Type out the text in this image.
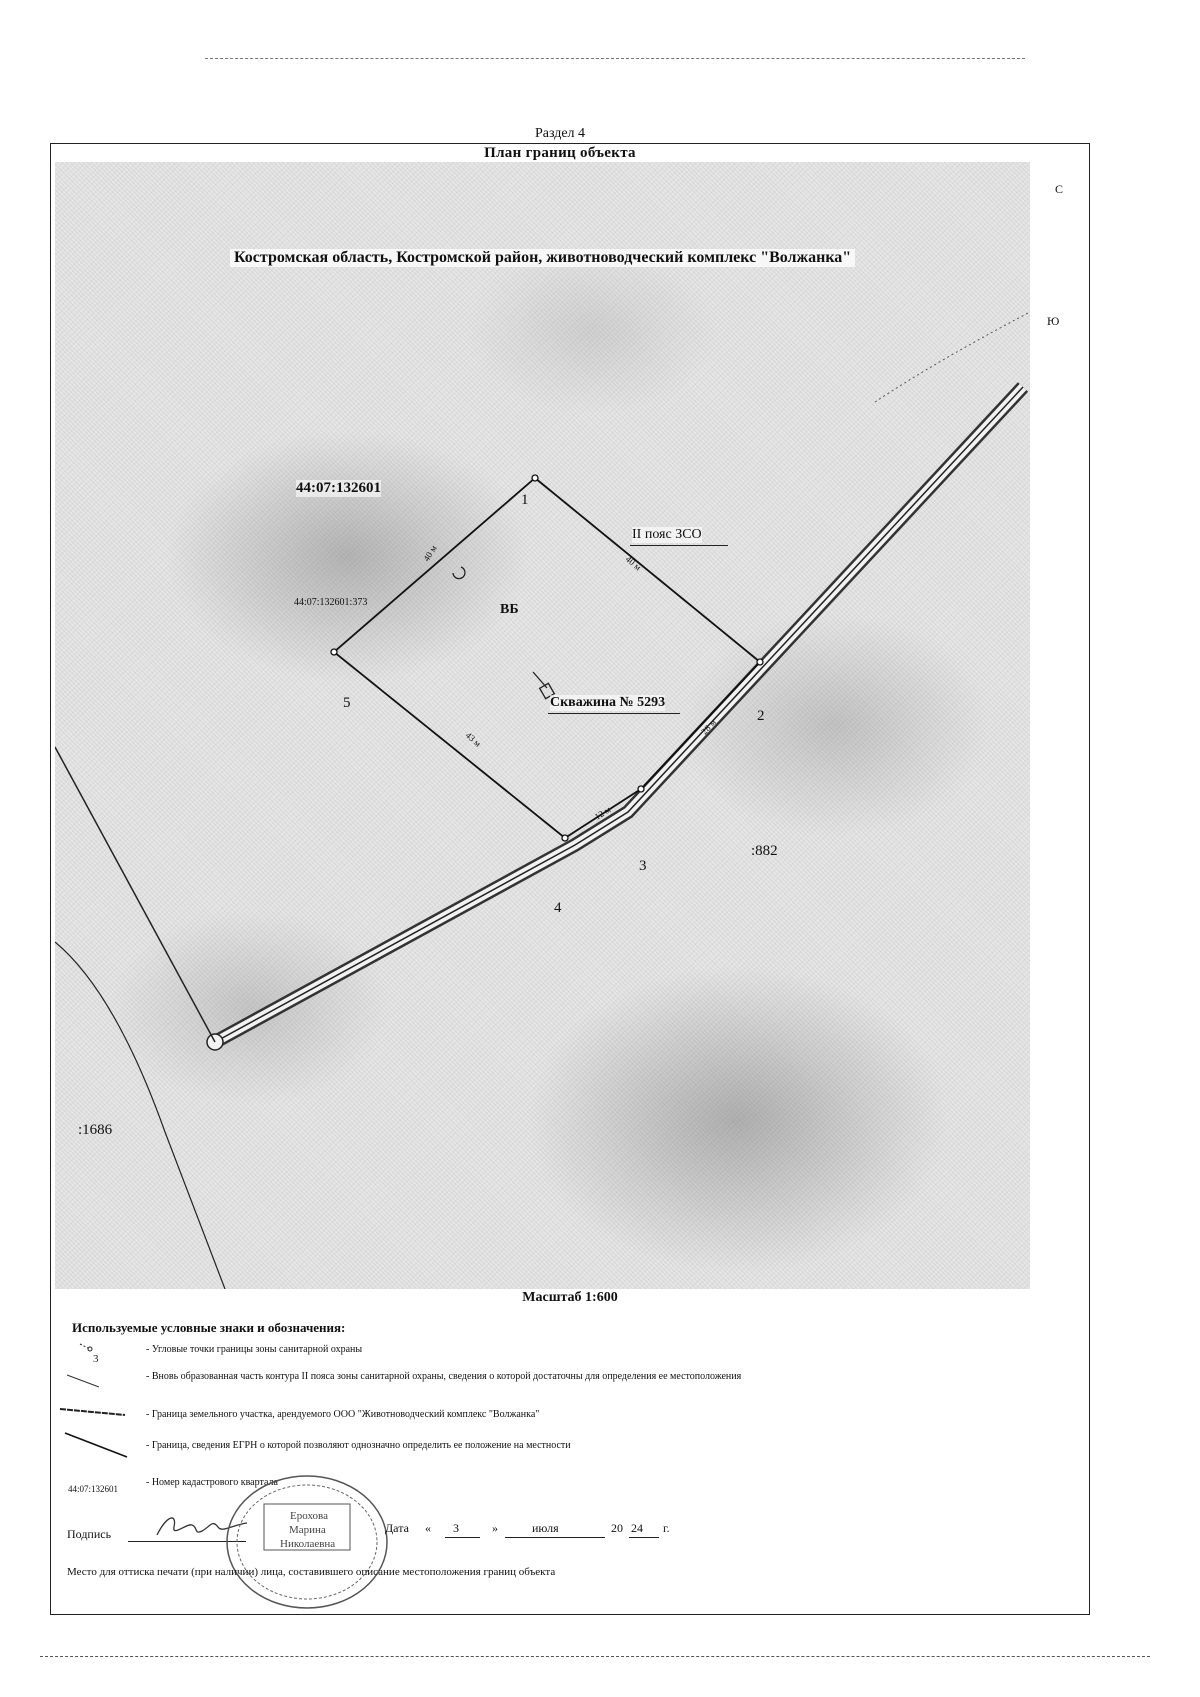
Раздел 4
План границ объекта
40 м
40 м
28 м
12 м
43 м
Костромская область, Костромской район, животноводческий комплекс "Волжанка"
С
Ю
44:07:132601
II пояс ЗСО
44:07:132601:373	ВБ
Скважина № 5293
:882
:1686
1
2
3
4
5
Масштаб 1:600
Используемые условные знаки и обозначения:
3
- Угловые точки границы зоны санитарной охраны
- Вновь образованная часть контура II пояса зоны санитарной охраны, сведения о которой достаточны для определения ее местоположения
- Граница земельного участка, арендуемого ООО "Животноводческий комплекс "Волжанка"
- Граница, сведения ЕГРН о которой позволяют однозначно определить ее положение на местности
- Номер кадастрового квартала
44:07:132601
Подпись
Ерохова
Марина
Николаевна
Дата « 3	»	июля	20 24 г.
Место для оттиска печати (при наличии) лица, составившего описание местоположения границ объекта
